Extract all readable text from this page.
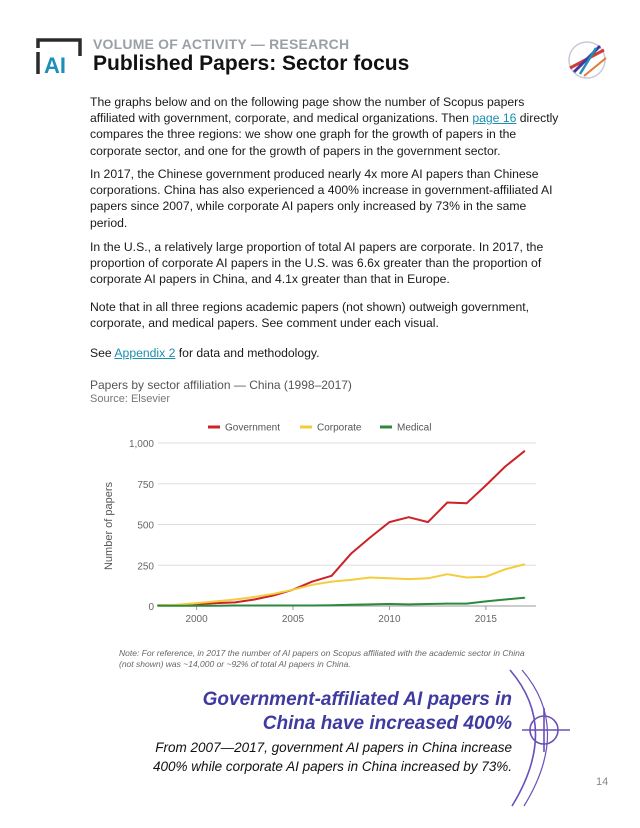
AI
VOLUME OF ACTIVITY — RESEARCH
Published Papers: Sector focus

The graphs below and on the following page show the number of Scopus papers affiliated with government, corporate, and medical organizations. Then page 16 directly compares the three regions: we show one graph for the growth of papers in the corporate sector, and one for the growth of papers in the government sector.

In 2017, the Chinese government produced nearly 4x more AI papers than Chinese corporations. China has also experienced a 400% increase in government-affiliated AI papers since 2007, while corporate AI papers only increased by 73% in the same period.
In the U.S., a relatively large proportion of total AI papers are corporate. In 2017, the proportion of corporate AI papers in the U.S. was 6.6x greater than the proportion of corporate AI papers in China, and 4.1x greater than that in Europe.
Note that in all three regions academic papers (not shown) outweigh government, corporate, and medical papers. See comment under each visual.

See Appendix 2 for data and methodology.

Papers by sector affiliation — China (1998–2017)
Source: Elsevier
Government	Corporate	Medical
0
250
500
750
1,000
2000	2005	2010	2015
Number of papers
Note: For reference, in 2017 the number of AI papers on Scopus affiliated with the academic sector in China (not shown) was ~14,000 or ~92% of total AI papers in China.
Government-affiliated AI papers in China have increased 400%
From 2007—2017, government AI papers in China increase 400% while corporate AI papers in China increased by 73%.
14
